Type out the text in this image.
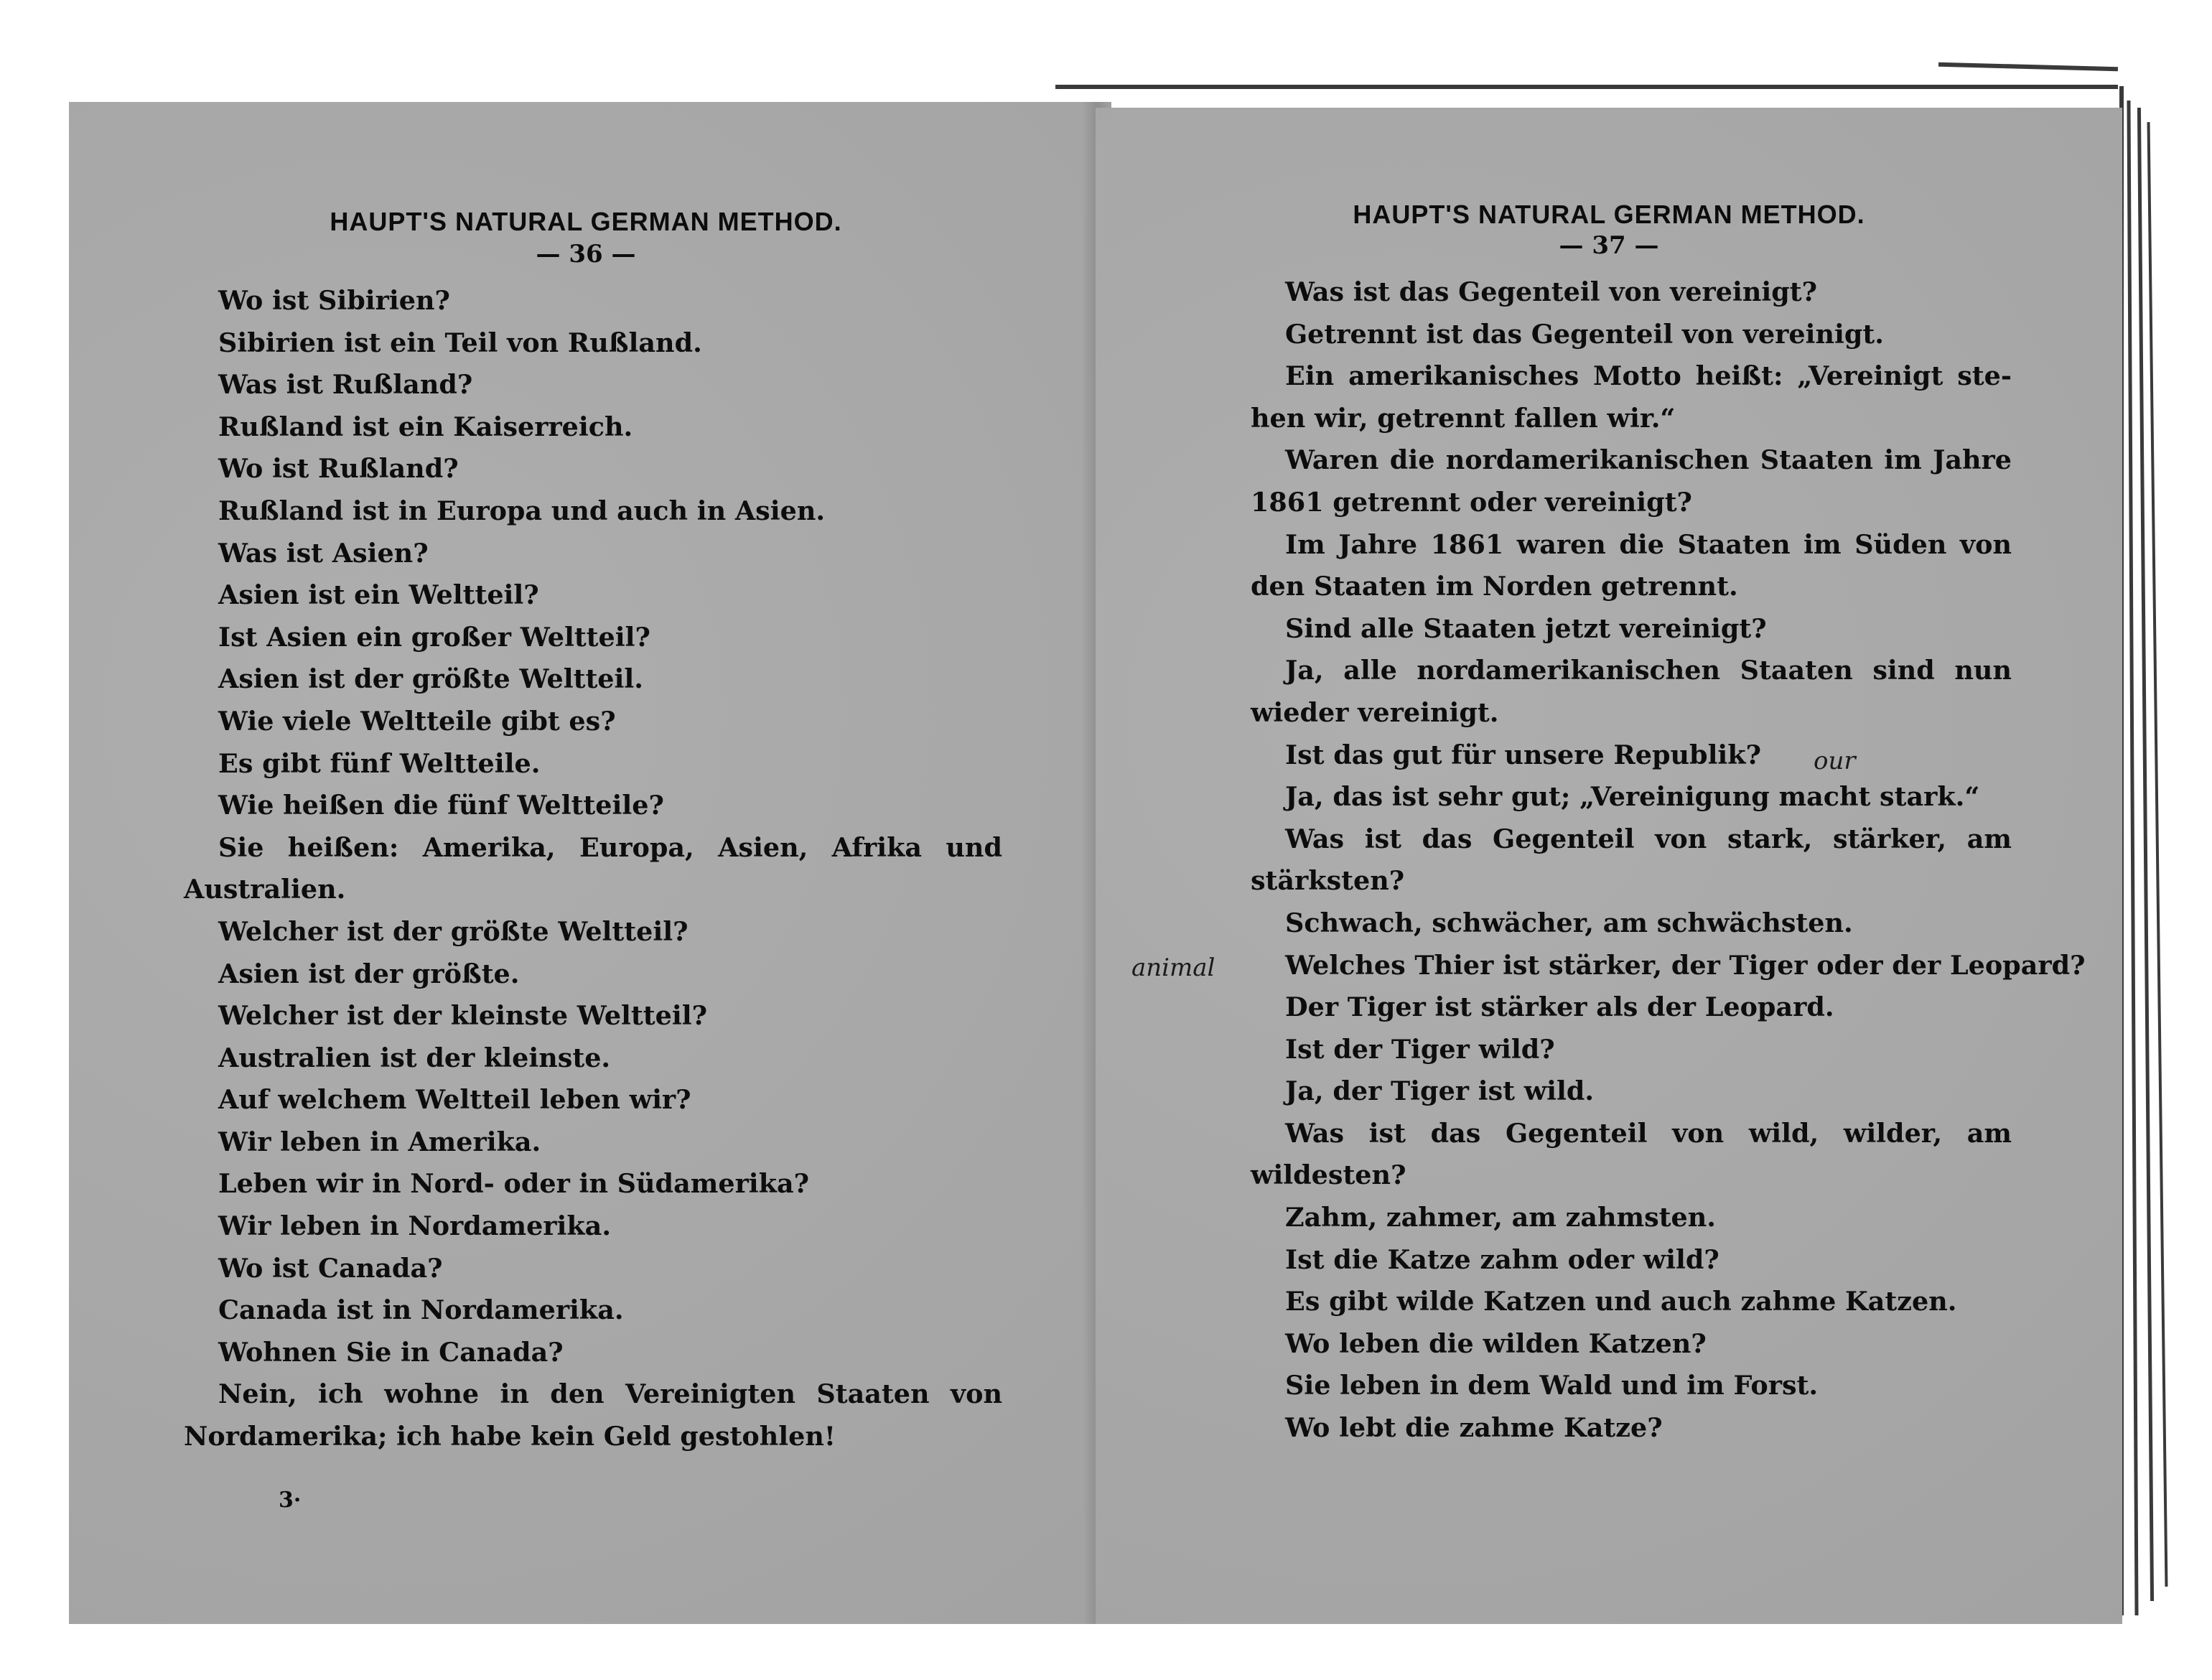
HAUPT'S NATURAL GERMAN METHOD.
— 36 —
Wo ist Sibirien?
Sibirien ist ein Teil von Rußland.
Was ist Rußland?
Rußland ist ein Kaiserreich.
Wo ist Rußland?
Rußland ist in Europa und auch in Asien.
Was ist Asien?
Asien ist ein Weltteil?
Ist Asien ein großer Weltteil?
Asien ist der größte Weltteil.
Wie viele Weltteile gibt es?
Es gibt fünf Weltteile.
Wie heißen die fünf Weltteile?
Sie heißen: Amerika, Europa, Asien, Afrika und
Australien.
Welcher ist der größte Weltteil?
Asien ist der größte.
Welcher ist der kleinste Weltteil?
Australien ist der kleinste.
Auf welchem Weltteil leben wir?
Wir leben in Amerika.
Leben wir in Nord- oder in Südamerika?
Wir leben in Nordamerika.
Wo ist Canada?
Canada ist in Nordamerika.
Wohnen Sie in Canada?
Nein, ich wohne in den Vereinigten Staaten von
Nordamerika; ich habe kein Geld gestohlen!
3·
HAUPT'S NATURAL GERMAN METHOD.
— 37 —
Was ist das Gegenteil von vereinigt?
Getrennt ist das Gegenteil von vereinigt.
Ein amerikanisches Motto heißt: „Vereinigt ste-
hen wir, getrennt fallen wir.“
Waren die nordamerikanischen Staaten im Jahre
1861 getrennt oder vereinigt?
Im Jahre 1861 waren die Staaten im Süden von
den Staaten im Norden getrennt.
Sind alle Staaten jetzt vereinigt?
Ja, alle nordamerikanischen Staaten sind nun
wieder vereinigt.
Ist das gut für unsere Republik?
Ja, das ist sehr gut; „Vereinigung macht stark.“
Was ist das Gegenteil von stark, stärker, am
stärksten?
Schwach, schwächer, am schwächsten.
Welches Thier ist stärker, der Tiger oder der Leopard?
Der Tiger ist stärker als der Leopard.
Ist der Tiger wild?
Ja, der Tiger ist wild.
Was ist das Gegenteil von wild, wilder, am
wildesten?
Zahm, zahmer, am zahmsten.
Ist die Katze zahm oder wild?
Es gibt wilde Katzen und auch zahme Katzen.
Wo leben die wilden Katzen?
Sie leben in dem Wald und im Forst.
Wo lebt die zahme Katze?
our
animal
